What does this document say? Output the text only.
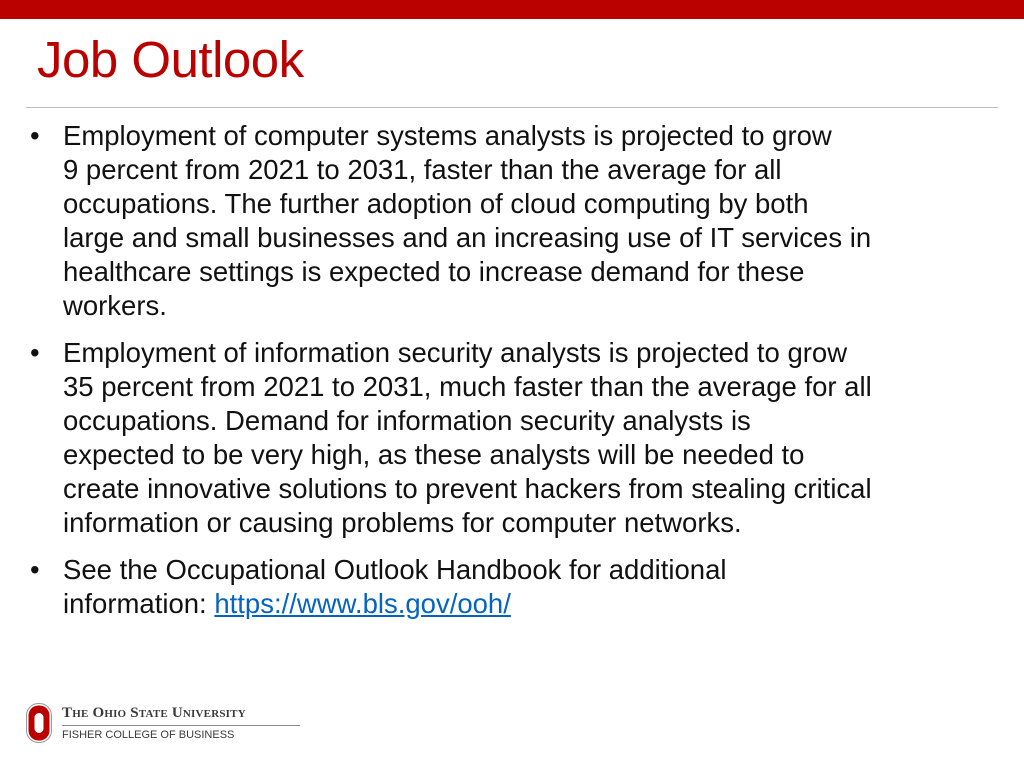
Job Outlook
• Employment of computer systems analysts is projected to grow
9 percent from 2021 to 2031, faster than the average for all
occupations. The further adoption of cloud computing by both
large and small businesses and an increasing use of IT services in
healthcare settings is expected to increase demand for these
workers.
• Employment of information security analysts is projected to grow
35 percent from 2021 to 2031, much faster than the average for all
occupations. Demand for information security analysts is
expected to be very high, as these analysts will be needed to
create innovative solutions to prevent hackers from stealing critical
information or causing problems for computer networks.
• See the Occupational Outlook Handbook for additional
information: https://www.bls.gov/ooh/
The Ohio State University
FISHER COLLEGE OF BUSINESS
